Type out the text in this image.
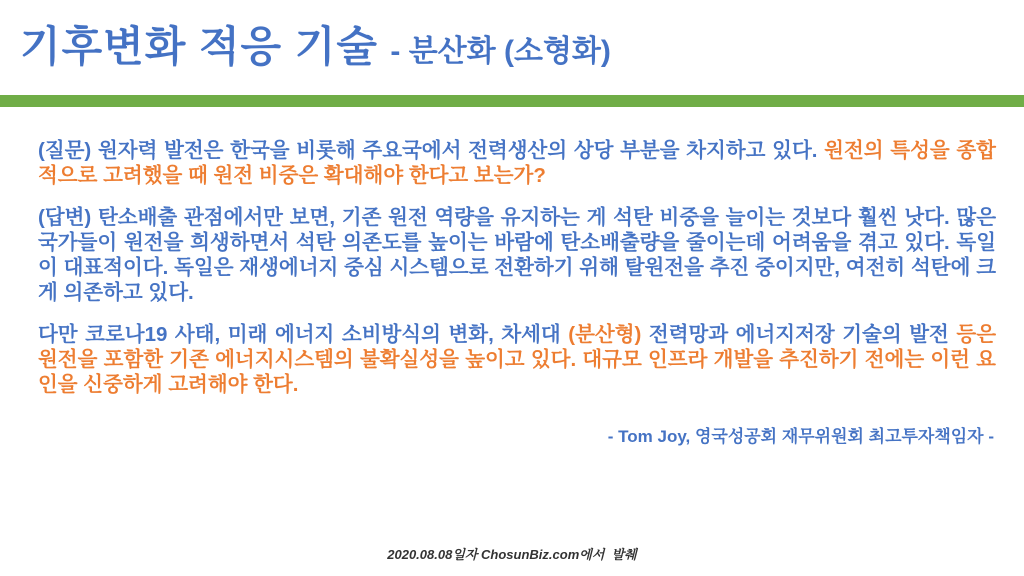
기후변화 적응 기술 - 분산화 (소형화)

(질문) 원자력 발전은 한국을 비롯해 주요국에서 전력생산의 상당 부분을 차지하고 있다. 원전의 특성을 종합적으로 고려했을 때 원전 비중은 확대해야 한다고 보는가?

(답변) 탄소배출 관점에서만 보면, 기존 원전 역량을 유지하는 게 석탄 비중을 늘이는 것보다 훨씬 낫다. 많은 국가들이 원전을 희생하면서 석탄 의존도를 높이는 바람에 탄소배출량을 줄이는데 어려움을 겪고 있다. 독일이 대표적이다. 독일은 재생에너지 중심 시스템으로 전환하기 위해 탈원전을 추진 중이지만, 여전히 석탄에 크게 의존하고 있다.

다만 코로나19 사태, 미래 에너지 소비방식의 변화, 차세대 (분산형) 전력망과 에너지저장 기술의 발전 등은 원전을 포함한 기존 에너지시스템의 불확실성을 높이고 있다. 대규모 인프라 개발을 추진하기 전에는 이런 요인을 신중하게 고려해야 한다.

- Tom Joy, 영국성공회 재무위원회 최고투자책임자 -
2020.08.08일자 ChosunBiz.com에서  발췌
